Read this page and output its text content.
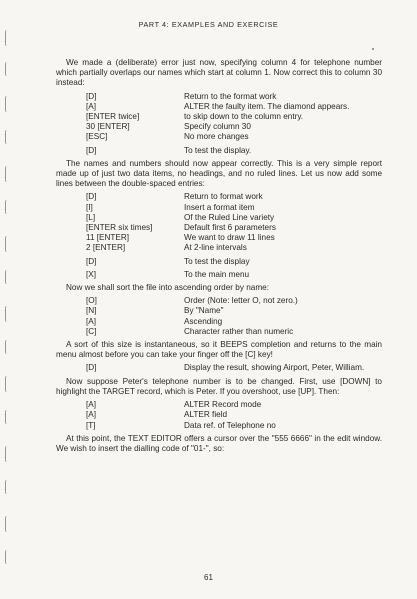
PART 4: EXAMPLES AND EXERCISE

We made a (deliberate) error just now, specifying column 4 for telephone number which partially overlaps our names which start at column 1. Now correct this to column 30 instead:

[D]	Return to the format work
[A]	ALTER the faulty item. The diamond appears.
[ENTER twice]	to skip down to the column entry.
30 [ENTER]	Specify column 30
[ESC]	No more changes
[D]	To test the display.

The names and numbers should now appear correctly. This is a very simple report made up of just two data items, no headings, and no ruled lines. Let us now add some lines between the double-spaced entries:

[D]	Return to format work
[I]	Insert a format item
[L]	Of the Ruled Line variety
[ENTER six times]	Default first 6 parameters
11 [ENTER]	We want to draw 11 lines
2 [ENTER]	At 2-line intervals
[D]	To test the display
[X]	To the main menu

Now we shall sort the file into ascending order by name:

[O]	Order (Note: letter O, not zero.)
[N]	By "Name"
[A]	Ascending
[C]	Character rather than numeric

A sort of this size is instantaneous, so it BEEPS completion and returns to the main menu almost before you can take your finger off the [C] key!

[D]	Display the result, showing Airport, Peter, William.

Now suppose Peter's telephone number is to be changed. First, use [DOWN] to highlight the TARGET record, which is Peter. If you overshoot, use [UP]. Then:

[A]	ALTER Record mode
[A]	ALTER field
[T]	Data ref. of Telephone no

At this point, the TEXT EDITOR offers a cursor over the "555 6666" in the edit window. We wish to insert the dialling code of "01-", so:

61
